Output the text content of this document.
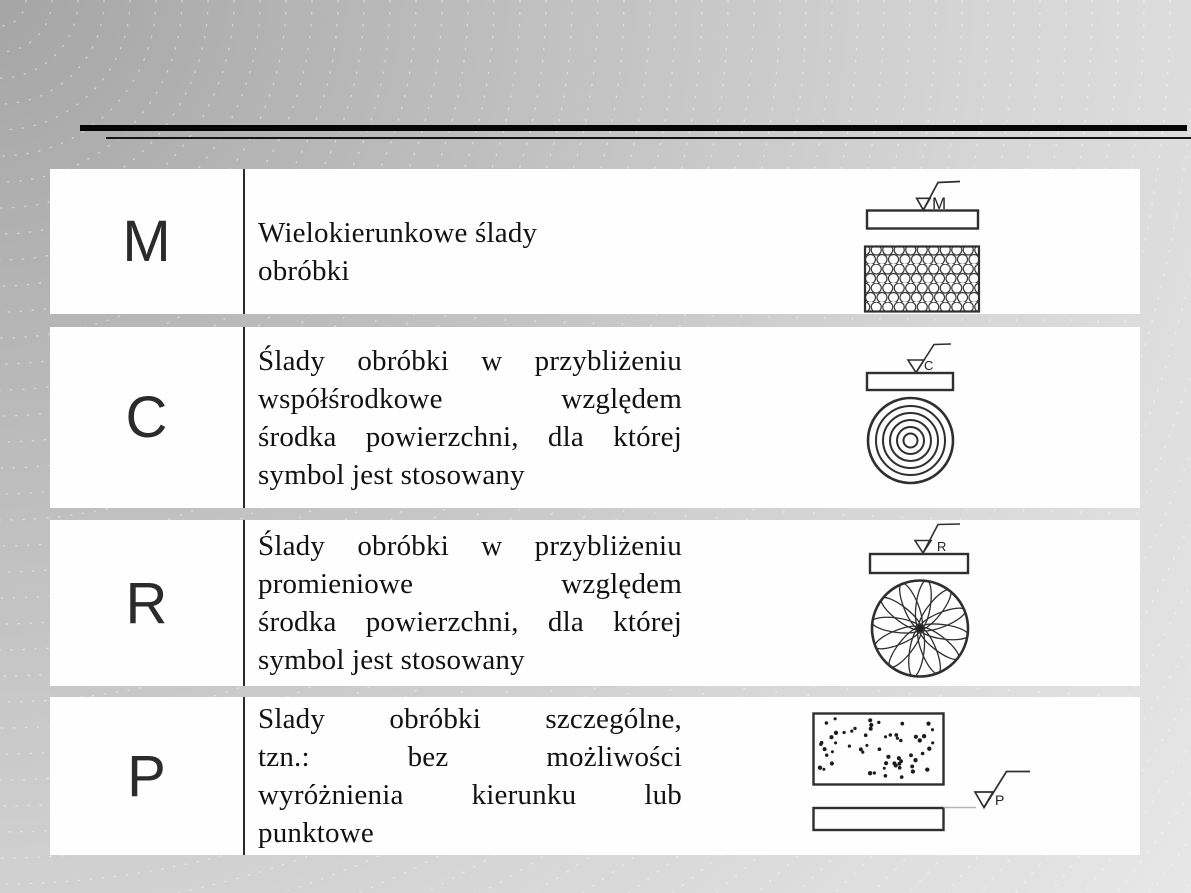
M	Wielokierunkowe ślady
obróbki
M
C
Ślady obróbki w przybliżeniu
współśrodkowe względem
środka powierzchni, dla której
symbol jest stosowany
C
R
Ślady obróbki w przybliżeniu
promieniowe względem
środka powierzchni, dla której
symbol jest stosowany
R
P
Slady obróbki szczególne,
tzn.: bez możliwości
wyróżnienia kierunku lub
punktowe
P
